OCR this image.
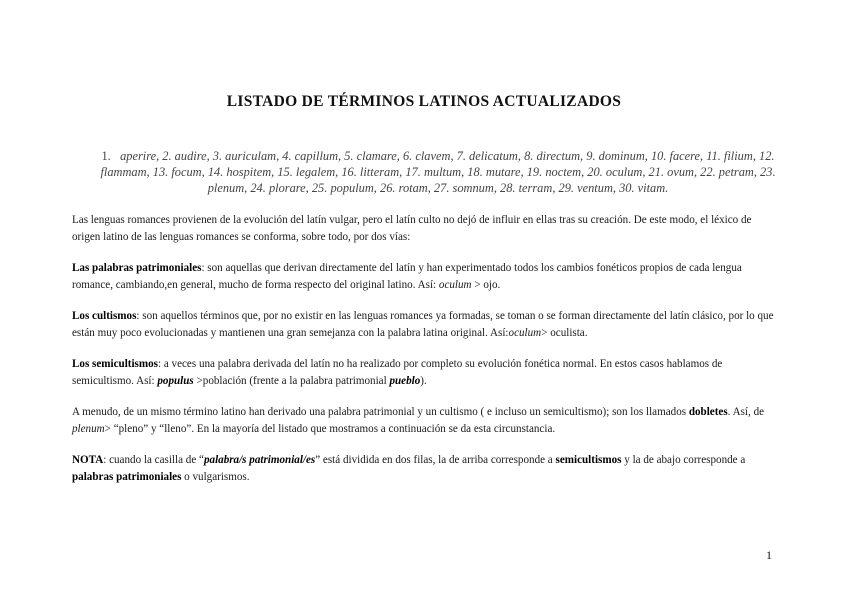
LISTADO DE TÉRMINOS LATINOS ACTUALIZADOS
1. aperire, 2. audire, 3. auriculam, 4. capillum, 5. clamare, 6. clavem, 7. delicatum, 8. directum, 9. dominum, 10. facere, 11. filium, 12. flammam, 13. focum, 14. hospitem, 15. legalem, 16. litteram, 17. multum, 18. mutare, 19. noctem, 20. oculum, 21. ovum, 22. petram, 23. plenum, 24. plorare, 25. populum, 26. rotam, 27. somnum, 28. terram, 29. ventum, 30. vitam.

Las lenguas romances provienen de la evolución del latín vulgar, pero el latín culto no dejó de influir en ellas tras su creación. De este modo, el léxico de origen latino de las lenguas romances se conforma, sobre todo, por dos vías:

Las palabras patrimoniales: son aquellas que derivan directamente del latín y han experimentado todos los cambios fonéticos propios de cada lengua romance, cambiando,en general, mucho de forma respecto del original latino. Así: oculum > ojo.

Los cultismos: son aquellos términos que, por no existir en las lenguas romances ya formadas, se toman o se forman directamente del latín clásico, por lo que están muy poco evolucionadas y mantienen una gran semejanza con la palabra latina original. Así:oculum> oculista.

Los semicultismos: a veces una palabra derivada del latín no ha realizado por completo su evolución fonética normal. En estos casos hablamos de semicultismo. Así: populus >población (frente a la palabra patrimonial pueblo).

A menudo, de un mismo término latino han derivado una palabra patrimonial y un cultismo ( e incluso un semicultismo); son los llamados dobletes. Así, de plenum> “pleno” y “lleno”. En la mayoría del listado que mostramos a continuación se da esta circunstancia.

NOTA: cuando la casilla de “palabra/s patrimonial/es” está dividida en dos filas, la de arriba corresponde a semicultismos y la de abajo corresponde a palabras patrimoniales o vulgarismos.

1
